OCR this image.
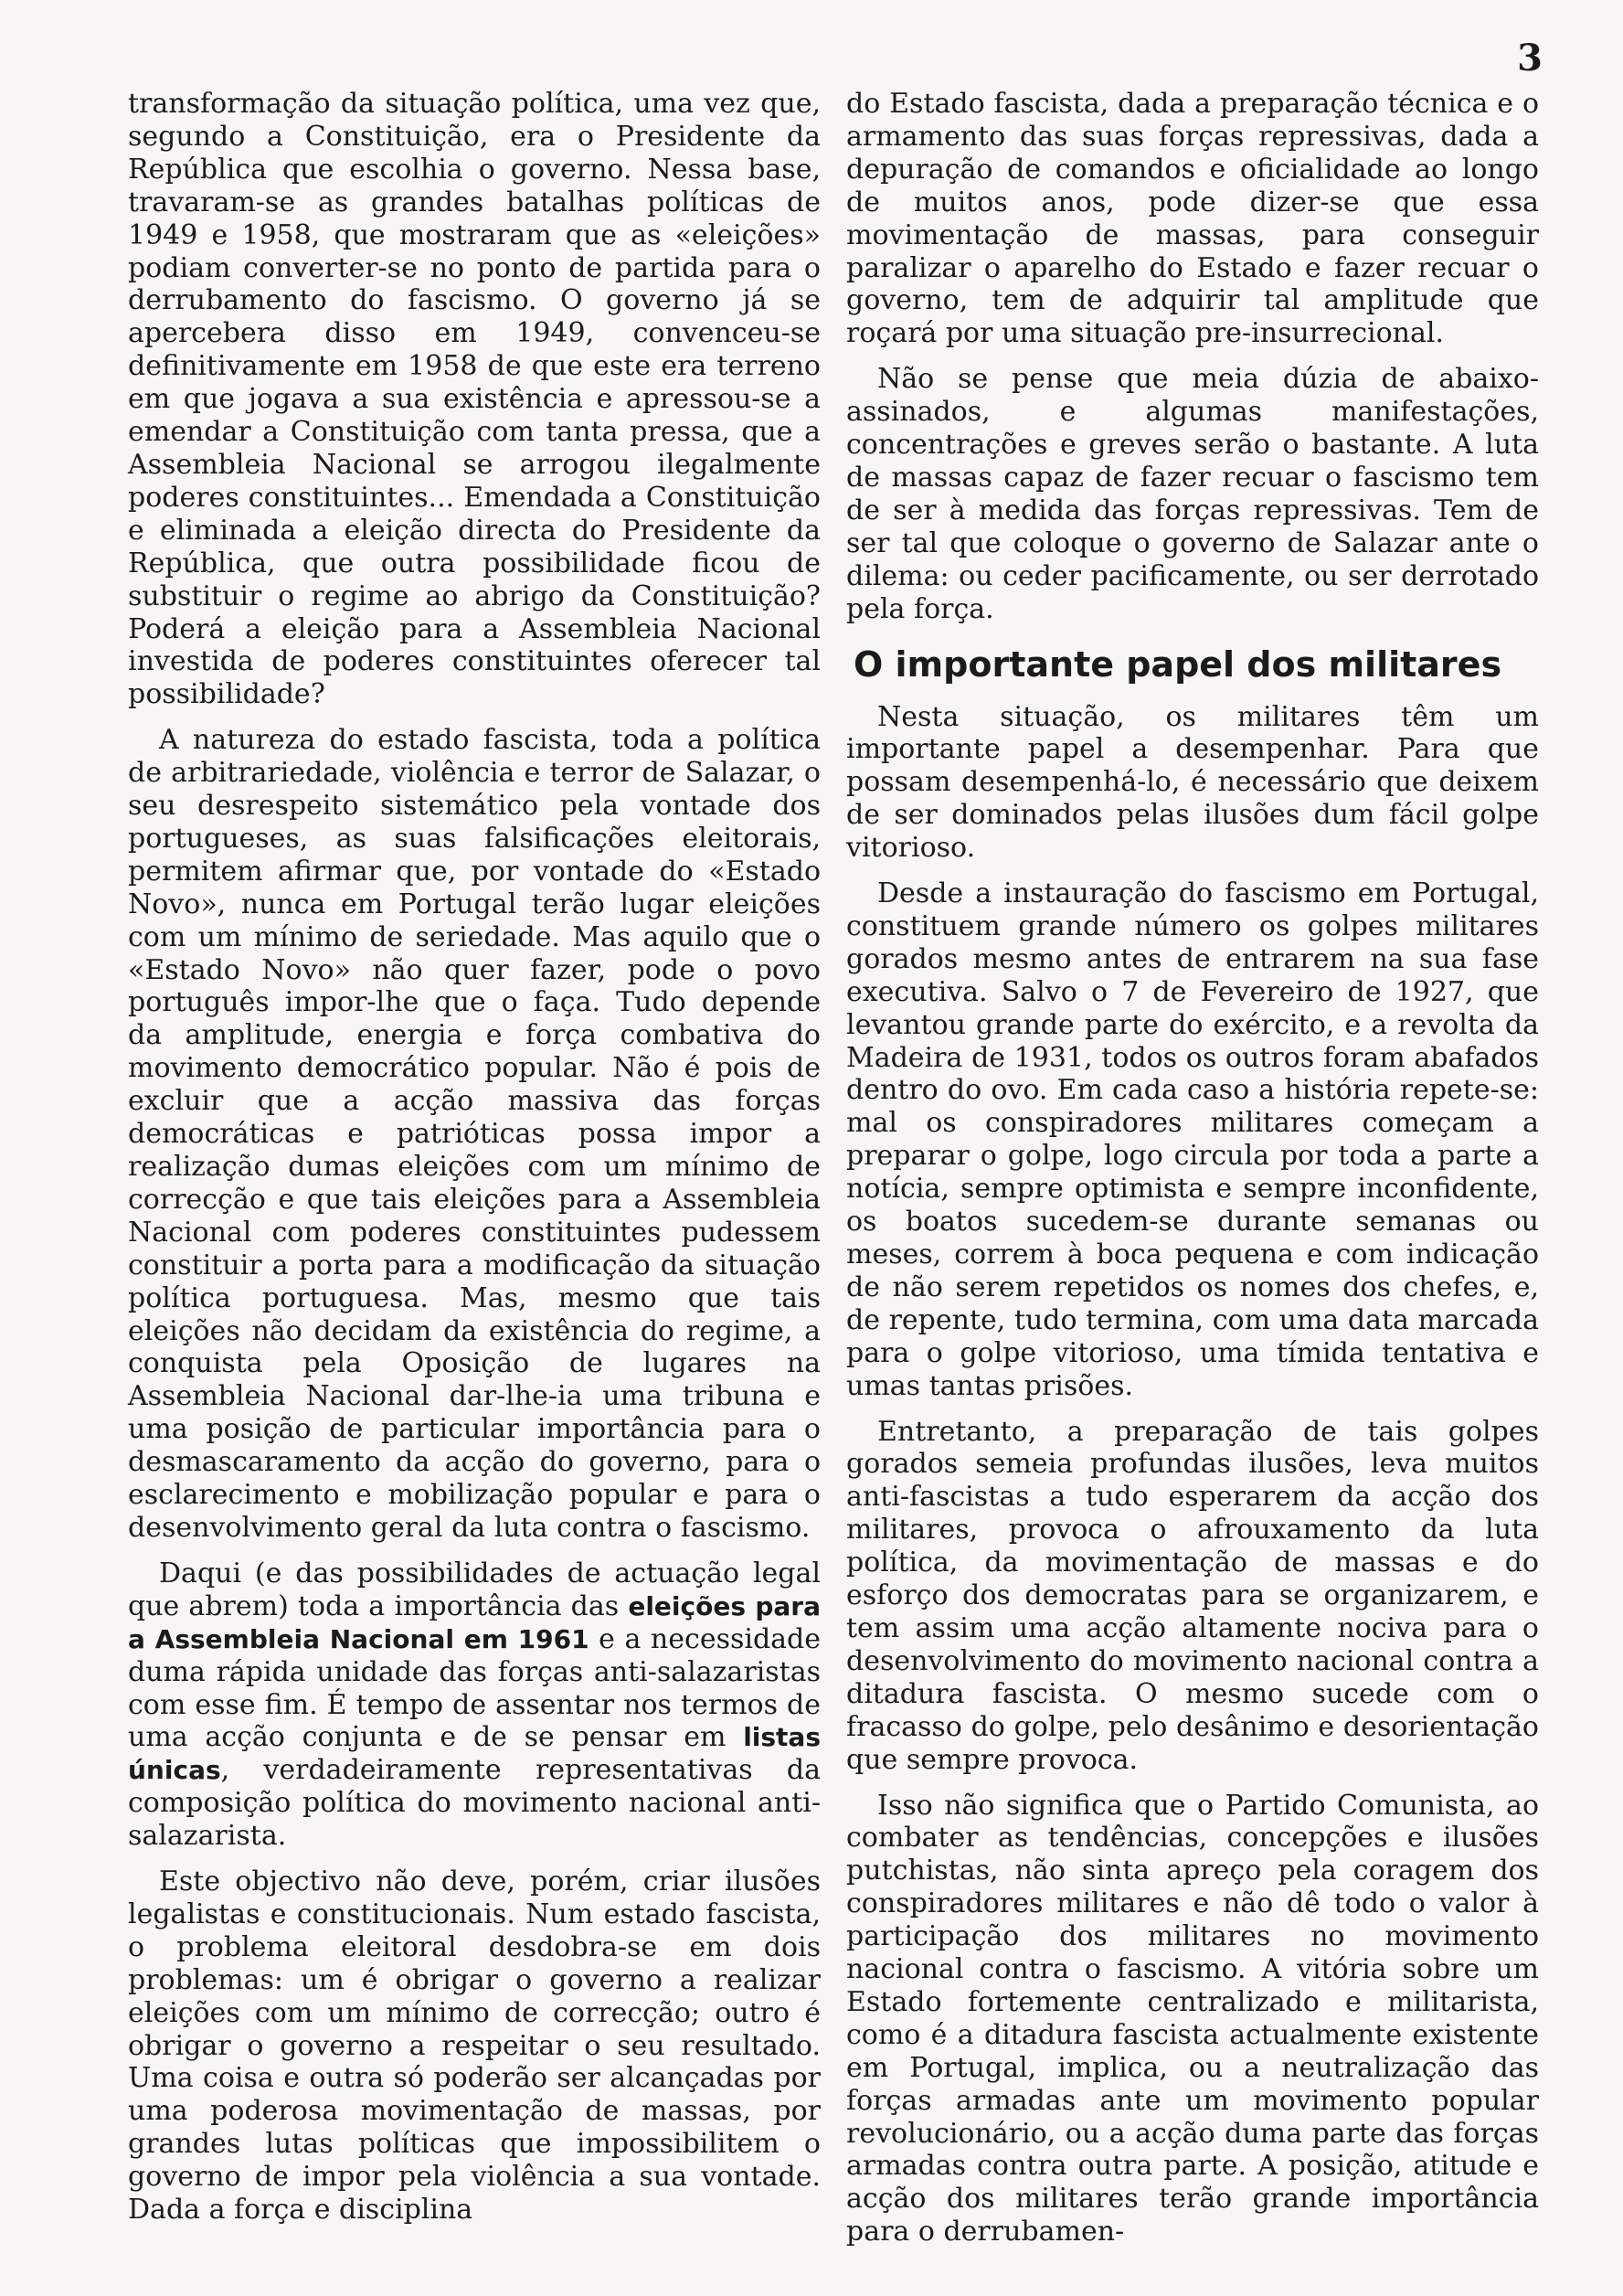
3

transformação da situação política, uma vez que, segundo a Constituição, era o Presidente da República que escolhia o governo. Nessa base, travaram-se as grandes batalhas políticas de 1949 e 1958, que mostraram que as «eleições» podiam converter-se no ponto de partida para o derrubamento do fascismo. O governo já se apercebera disso em 1949, convenceu-se definitivamente em 1958 de que este era terreno em que jogava a sua existência e apressou-se a emendar a Constituição com tanta pressa, que a Assembleia Nacional se arrogou ilegalmente poderes constituintes... Emendada a Constituição e eliminada a eleição directa do Presidente da República, que outra possibilidade ficou de substituir o regime ao abrigo da Constituição? Poderá a eleição para a Assembleia Nacional investida de poderes constituintes oferecer tal possibilidade?

A natureza do estado fascista, toda a política de arbitrariedade, violência e terror de Salazar, o seu desrespeito sistemático pela vontade dos portugueses, as suas falsificações eleitorais, permitem afirmar que, por vontade do «Estado Novo», nunca em Portugal terão lugar eleições com um mínimo de seriedade. Mas aquilo que o «Estado Novo» não quer fazer, pode o povo português impor-lhe que o faça. Tudo depende da amplitude, energia e força combativa do movimento democrático popular. Não é pois de excluir que a acção massiva das forças democráticas e patrióticas possa impor a realização dumas eleições com um mínimo de correcção e que tais eleições para a Assembleia Nacional com poderes constituintes pudessem constituir a porta para a modificação da situação política portuguesa. Mas, mesmo que tais eleições não decidam da existência do regime, a conquista pela Oposição de lugares na Assembleia Nacional dar-lhe-ia uma tribuna e uma posição de particular importância para o desmascaramento da acção do governo, para o esclarecimento e mobilização popular e para o desenvolvimento geral da luta contra o fascismo.

Daqui (e das possibilidades de actuação legal que abrem) toda a importância das eleições para a Assembleia Nacional em 1961 e a necessidade duma rápida unidade das forças anti-salazaristas com esse fim. É tempo de assentar nos termos de uma acção conjunta e de se pensar em listas únicas, verdadeiramente representativas da composição política do movimento nacional anti-salazarista.

Este objectivo não deve, porém, criar ilusões legalistas e constitucionais. Num estado fascista, o problema eleitoral desdobra-se em dois problemas: um é obrigar o governo a realizar eleições com um mínimo de correcção; outro é obrigar o governo a respeitar o seu resultado. Uma coisa e outra só poderão ser alcançadas por uma poderosa movimentação de massas, por grandes lutas políticas que impossibilitem o governo de impor pela violência a sua vontade. Dada a força e disciplina

do Estado fascista, dada a preparação técnica e o armamento das suas forças repressivas, dada a depuração de comandos e oficialidade ao longo de muitos anos, pode dizer-se que essa movimentação de massas, para conseguir paralizar o aparelho do Estado e fazer recuar o governo, tem de adquirir tal amplitude que roçará por uma situação pre-insurrecional.

Não se pense que meia dúzia de abaixo-assinados, e algumas manifestações, concentrações e greves serão o bastante. A luta de massas capaz de fazer recuar o fascismo tem de ser à medida das forças repressivas. Tem de ser tal que coloque o governo de Salazar ante o dilema: ou ceder pacificamente, ou ser derrotado pela força.

O importante papel dos militares

Nesta situação, os militares têm um importante papel a desempenhar. Para que possam desempenhá-lo, é necessário que deixem de ser dominados pelas ilusões dum fácil golpe vitorioso.

Desde a instauração do fascismo em Portugal, constituem grande número os golpes militares gorados mesmo antes de entrarem na sua fase executiva. Salvo o 7 de Fevereiro de 1927, que levantou grande parte do exército, e a revolta da Madeira de 1931, todos os outros foram abafados dentro do ovo. Em cada caso a história repete-se: mal os conspiradores militares começam a preparar o golpe, logo circula por toda a parte a notícia, sempre optimista e sempre inconfidente, os boatos sucedem-se durante semanas ou meses, correm à boca pequena e com indicação de não serem repetidos os nomes dos chefes, e, de repente, tudo termina, com uma data marcada para o golpe vitorioso, uma tímida tentativa e umas tantas prisões.

Entretanto, a preparação de tais golpes gorados semeia profundas ilusões, leva muitos anti-fascistas a tudo esperarem da acção dos militares, provoca o afrouxamento da luta política, da movimentação de massas e do esforço dos democratas para se organizarem, e tem assim uma acção altamente nociva para o desenvolvimento do movimento nacional contra a ditadura fascista. O mesmo sucede com o fracasso do golpe, pelo desânimo e desorientação que sempre provoca.

Isso não significa que o Partido Comunista, ao combater as tendências, concepções e ilusões putchistas, não sinta apreço pela coragem dos conspiradores militares e não dê todo o valor à participação dos militares no movimento nacional contra o fascismo. A vitória sobre um Estado fortemente centralizado e militarista, como é a ditadura fascista actualmente existente em Portugal, implica, ou a neutralização das forças armadas ante um movimento popular revolucionário, ou a acção duma parte das forças armadas contra outra parte. A posição, atitude e acção dos militares terão grande importância para o derrubamen-
